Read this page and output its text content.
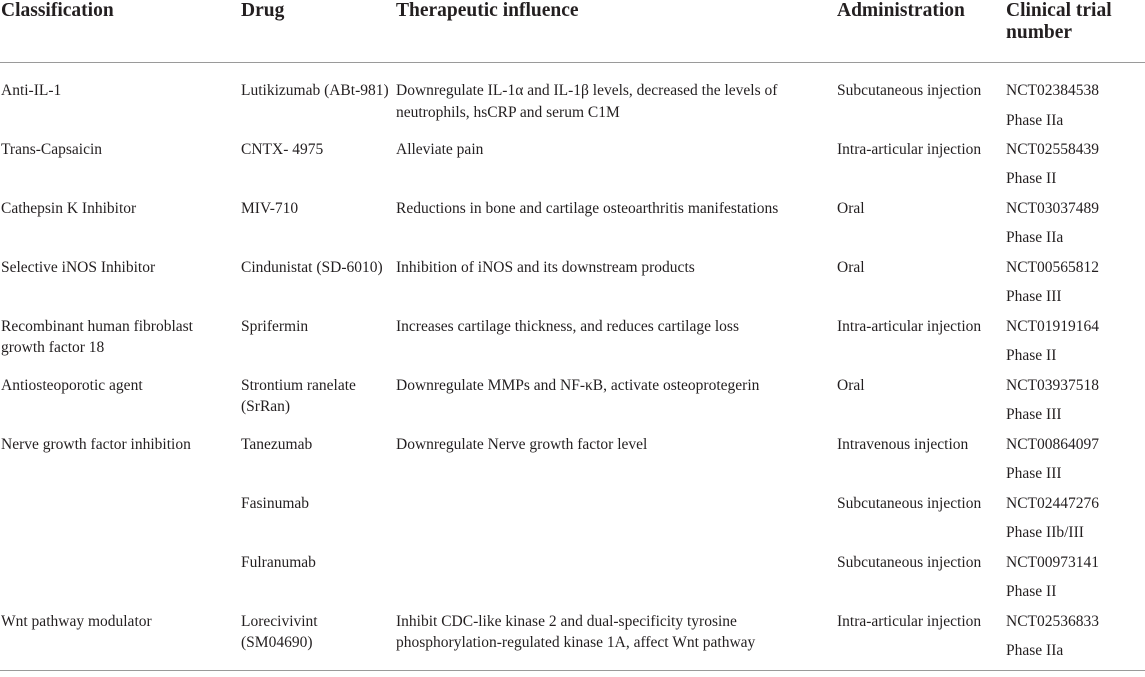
Classification	Drug	Therapeutic influence	Administration	Clinical trial number
Anti-IL-1	Lutikizumab (ABt-981)	Downregulate IL-1α and IL-1β levels, decreased the levels of neutrophils, hsCRP and serum C1M	Subcutaneous injection	NCT02384538
Phase IIa

Trans-Capsaicin	CNTX- 4975	Alleviate pain	Intra-articular injection	NCT02558439
Phase II

Cathepsin K Inhibitor	MIV-710	Reductions in bone and cartilage osteoarthritis manifestations	Oral	NCT03037489
Phase IIa

Selective iNOS Inhibitor	Cindunistat (SD-6010)	Inhibition of iNOS and its downstream products	Oral	NCT00565812
Phase III

Recombinant human fibroblast growth factor 18	Sprifermin	Increases cartilage thickness, and reduces cartilage loss	Intra-articular injection	NCT01919164
Phase II

Antiosteoporotic agent	Strontium ranelate (SrRan)	Downregulate MMPs and NF-κB, activate osteoprotegerin	Oral	NCT03937518
Phase III

Nerve growth factor inhibition	Tanezumab	Downregulate Nerve growth factor level	Intravenous injection	NCT00864097
Phase III

	Fasinumab		Subcutaneous injection	NCT02447276
Phase IIb/III

	Fulranumab		Subcutaneous injection	NCT00973141
Phase II

Wnt pathway modulator	Lorecivivint (SM04690)	Inhibit CDC-like kinase 2 and dual-specificity tyrosine phosphorylation-regulated kinase 1A, affect Wnt pathway	Intra-articular injection	NCT02536833
Phase IIa
